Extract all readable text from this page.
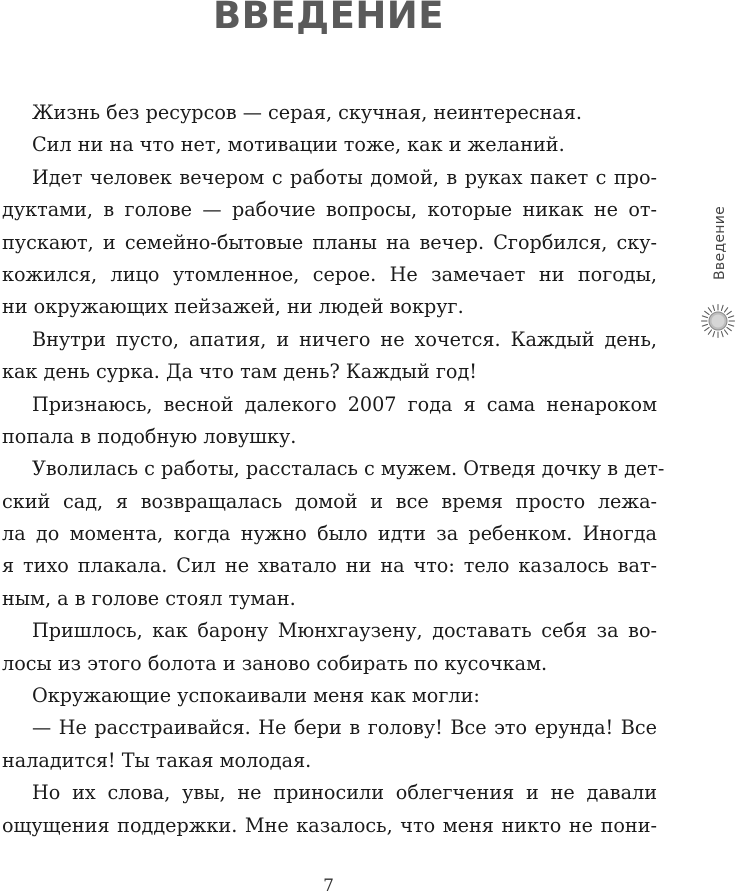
ВВЕДЕНИЕ
Жизнь без ресурсов — серая, скучная, неинтересная.
Сил ни на что нет, мотивации тоже, как и желаний.
Идет человек вечером с работы домой, в руках пакет с про-
дуктами, в голове — рабочие вопросы, которые никак не от-
пускают, и семейно-бытовые планы на вечер. Сгорбился, ску-
кожился, лицо утомленное, серое. Не замечает ни погоды,
ни окружающих пейзажей, ни людей вокруг.
Внутри пусто, апатия, и ничего не хочется. Каждый день,
как день сурка. Да что там день? Каждый год!
Признаюсь, весной далекого 2007 года я сама ненароком
попала в подобную ловушку.
Уволилась с работы, рассталась с мужем. Отведя дочку в дет-
ский сад, я возвращалась домой и все время просто лежа-
ла до момента, когда нужно было идти за ребенком. Иногда
я тихо плакала. Сил не хватало ни на что: тело казалось ват-
ным, а в голове стоял туман.
Пришлось, как барону Мюнхгаузену, доставать себя за во-
лосы из этого болота и заново собирать по кусочкам.
Окружающие успокаивали меня как могли:
— Не расстраивайся. Не бери в голову! Все это ерунда! Все
наладится! Ты такая молодая.
Но их слова, увы, не приносили облегчения и не давали
ощущения поддержки. Мне казалось, что меня никто не пони-
Введение
7
